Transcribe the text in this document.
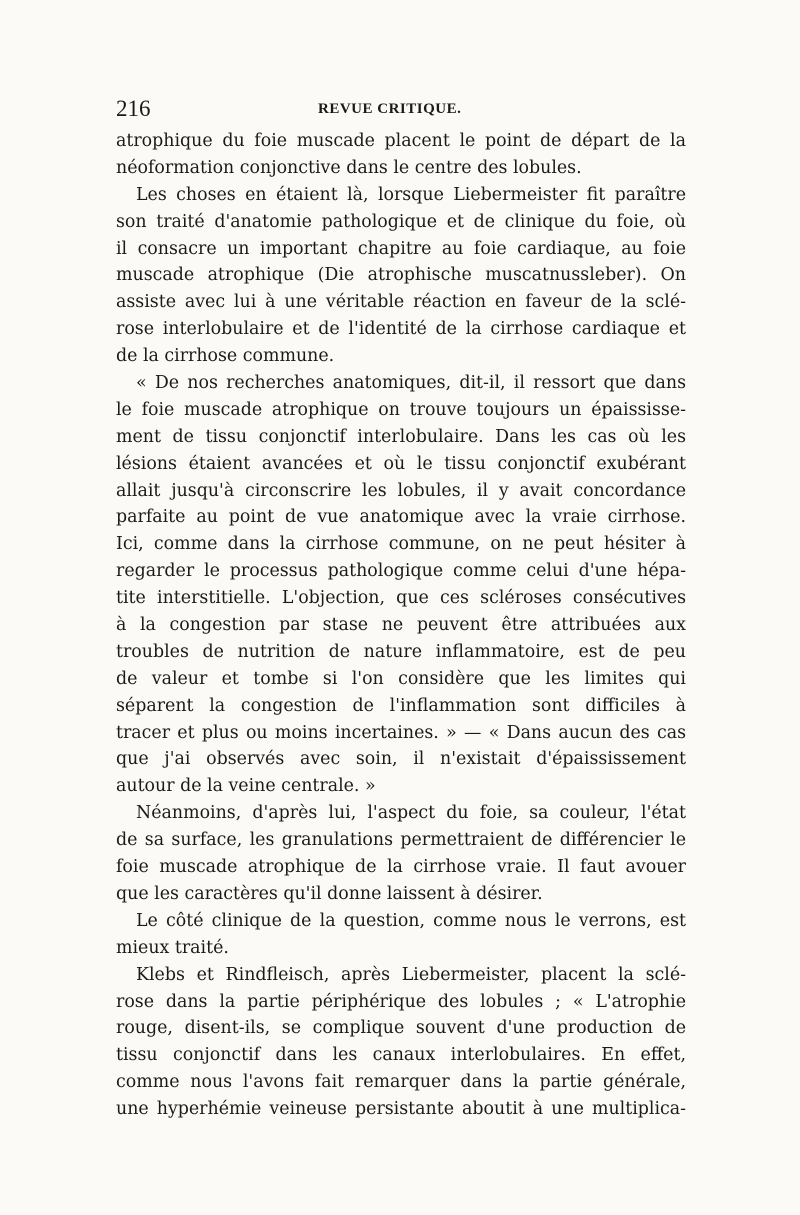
216	REVUE CRITIQUE.
atrophique du foie muscade placent le point de départ de la
néoformation conjonctive dans le centre des lobules.
Les choses en étaient là, lorsque Liebermeister fit paraître
son traité d'anatomie pathologique et de clinique du foie, où
il consacre un important chapitre au foie cardiaque, au foie
muscade atrophique (Die atrophische muscatnussleber). On
assiste avec lui à une véritable réaction en faveur de la sclé-
rose interlobulaire et de l'identité de la cirrhose cardiaque et
de la cirrhose commune.
« De nos recherches anatomiques, dit-il, il ressort que dans
le foie muscade atrophique on trouve toujours un épaississe-
ment de tissu conjonctif interlobulaire. Dans les cas où les
lésions étaient avancées et où le tissu conjonctif exubérant
allait jusqu'à circonscrire les lobules, il y avait concordance
parfaite au point de vue anatomique avec la vraie cirrhose.
Ici, comme dans la cirrhose commune, on ne peut hésiter à
regarder le processus pathologique comme celui d'une hépa-
tite interstitielle. L'objection, que ces scléroses consécutives
à la congestion par stase ne peuvent être attribuées aux
troubles de nutrition de nature inflammatoire, est de peu
de valeur et tombe si l'on considère que les limites qui
séparent la congestion de l'inflammation sont difficiles à
tracer et plus ou moins incertaines. » — « Dans aucun des cas
que j'ai observés avec soin, il n'existait d'épaississement
autour de la veine centrale. »
Néanmoins, d'après lui, l'aspect du foie, sa couleur, l'état
de sa surface, les granulations permettraient de différencier le
foie muscade atrophique de la cirrhose vraie. Il faut avouer
que les caractères qu'il donne laissent à désirer.
Le côté clinique de la question, comme nous le verrons, est
mieux traité.
Klebs et Rindfleisch, après Liebermeister, placent la sclé-
rose dans la partie périphérique des lobules ; « L'atrophie
rouge, disent-ils, se complique souvent d'une production de
tissu conjonctif dans les canaux interlobulaires. En effet,
comme nous l'avons fait remarquer dans la partie générale,
une hyperhémie veineuse persistante aboutit à une multiplica-
